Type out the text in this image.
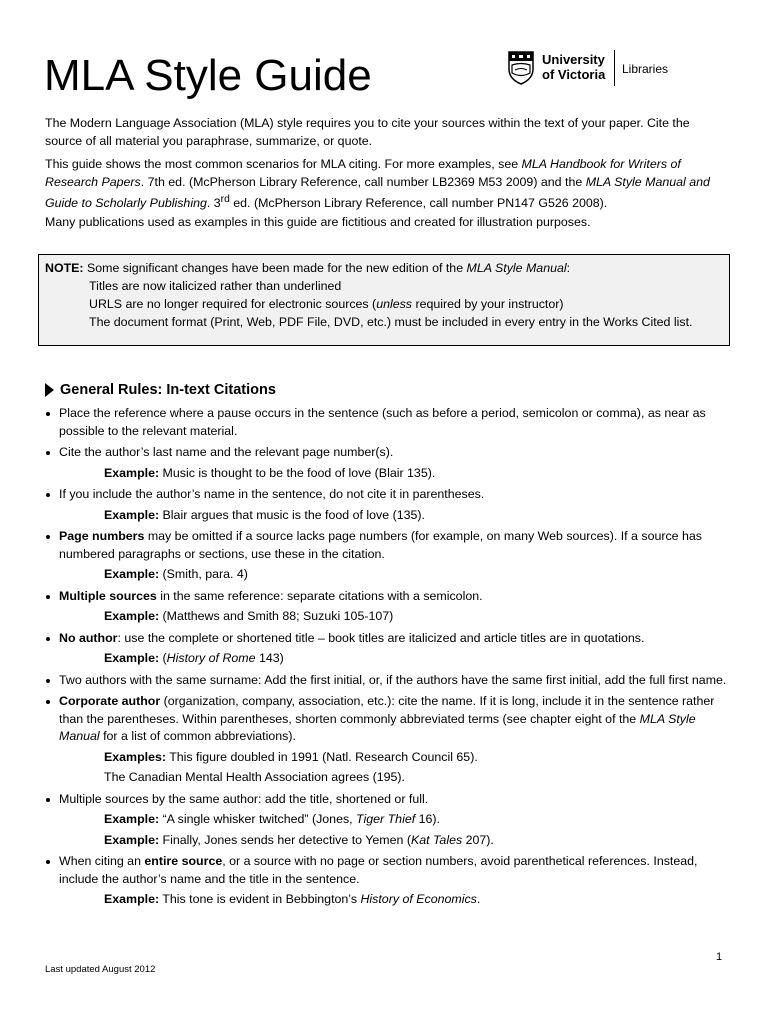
MLA Style Guide	University
of Victoria Libraries

The Modern Language Association (MLA) style requires you to cite your sources within the text of your paper. Cite the source of all material you paraphrase, summarize, or quote.

This guide shows the most common scenarios for MLA citing. For more examples, see MLA Handbook for Writers of Research Papers. 7th ed. (McPherson Library Reference, call number LB2369 M53 2009) and the MLA Style Manual and Guide to Scholarly Publishing. 3rd ed. (McPherson Library Reference, call number PN147 G526 2008).

Many publications used as examples in this guide are fictitious and created for illustration purposes.

NOTE: Some significant changes have been made for the new edition of the MLA Style Manual:
Titles are now italicized rather than underlined
URLS are no longer required for electronic sources (unless required by your instructor)
The document format (Print, Web, PDF File, DVD, etc.) must be included in every entry in the Works Cited list.
General Rules: In-text Citations
Place the reference where a pause occurs in the sentence (such as before a period, semicolon or comma), as near as possible to the relevant material.
Cite the author’s last name and the relevant page number(s).
Example: Music is thought to be the food of love (Blair 135).
If you include the author’s name in the sentence, do not cite it in parentheses.
Example: Blair argues that music is the food of love (135).
Page numbers may be omitted if a source lacks page numbers (for example, on many Web sources). If a source has numbered paragraphs or sections, use these in the citation.
Example: (Smith, para. 4)
Multiple sources in the same reference: separate citations with a semicolon.
Example: (Matthews and Smith 88; Suzuki 105-107)
No author: use the complete or shortened title – book titles are italicized and article titles are in quotations.
Example: (History of Rome 143)
Two authors with the same surname: Add the first initial, or, if the authors have the same first initial, add the full first name.
Corporate author (organization, company, association, etc.): cite the name. If it is long, include it in the sentence rather than the parentheses. Within parentheses, shorten commonly abbreviated terms (see chapter eight of the MLA Style Manual for a list of common abbreviations).
Examples: This figure doubled in 1991 (Natl. Research Council 65).
The Canadian Mental Health Association agrees (195).
Multiple sources by the same author: add the title, shortened or full.
Example: “A single whisker twitched” (Jones, Tiger Thief 16).
Example: Finally, Jones sends her detective to Yemen (Kat Tales 207).
When citing an entire source, or a source with no page or section numbers, avoid parenthetical references. Instead, include the author’s name and the title in the sentence.
Example: This tone is evident in Bebbington’s History of Economics.
1
Last updated August 2012
